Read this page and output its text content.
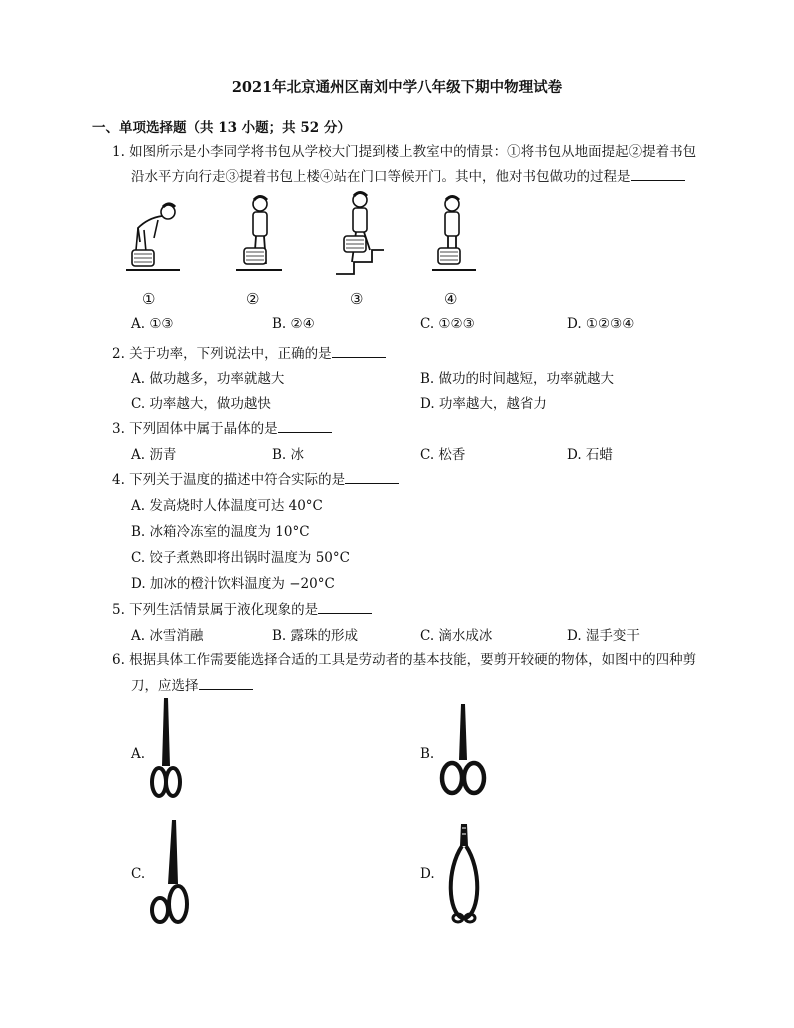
2021年北京通州区南刘中学八年级下期中物理试卷
一、单项选择题（共 13 小题；共 52 分）
1. 如图所示是小李同学将书包从学校大门提到楼上教室中的情景：①将书包从地面提起②提着书包
沿水平方向行走③提着书包上楼④站在门口等候开门。其中，他对书包做功的过程是
①	②	③	④
A. ①③	B. ②④	C. ①②③	D. ①②③④
2. 关于功率，下列说法中，正确的是
A. 做功越多，功率就越大	B. 做功的时间越短，功率就越大
C. 功率越大，做功越快	D. 功率越大，越省力
3. 下列固体中属于晶体的是
A. 沥青	B. 冰	C. 松香	D. 石蜡
4. 下列关于温度的描述中符合实际的是
A. 发高烧时人体温度可达 40°C
B. 冰箱冷冻室的温度为 10°C
C. 饺子煮熟即将出锅时温度为 50°C
D. 加冰的橙汁饮料温度为 −20°C
5. 下列生活情景属于液化现象的是
A. 冰雪消融	B. 露珠的形成	C. 滴水成冰	D. 湿手变干
6. 根据具体工作需要能选择合适的工具是劳动者的基本技能，要剪开较硬的物体，如图中的四种剪
刀，应选择
A.	B.
C.	D.
